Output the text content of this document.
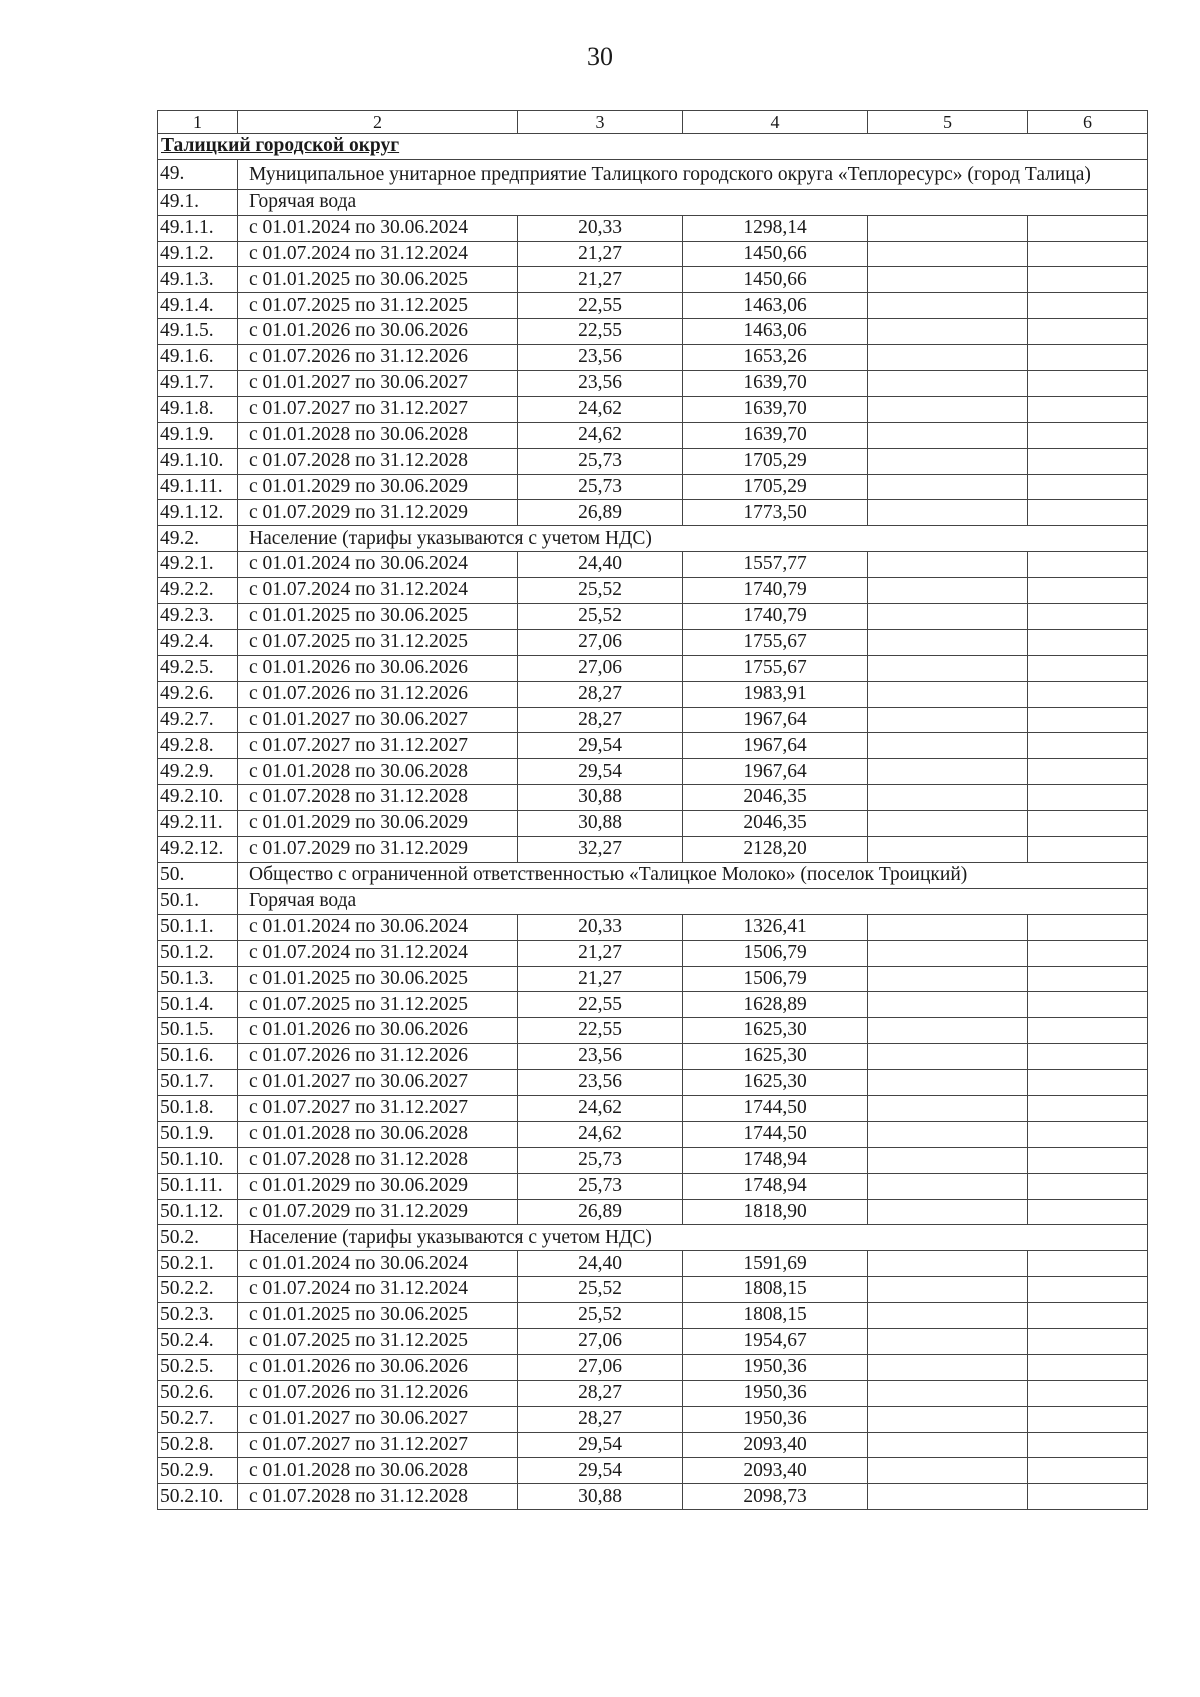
30
1	2	3	4	5	6
Талицкий городской округ					
49.	Муниципальное унитарное предприятие Талицкого городского округа «Теплоресурс» (город Талица)				
49.1.	Горячая вода				
49.1.1.	с 01.01.2024 по 30.06.2024	20,33	1298,14		
49.1.2.	с 01.07.2024 по 31.12.2024	21,27	1450,66		
49.1.3.	с 01.01.2025 по 30.06.2025	21,27	1450,66		
49.1.4.	с 01.07.2025 по 31.12.2025	22,55	1463,06		
49.1.5.	с 01.01.2026 по 30.06.2026	22,55	1463,06		
49.1.6.	с 01.07.2026 по 31.12.2026	23,56	1653,26		
49.1.7.	с 01.01.2027 по 30.06.2027	23,56	1639,70		
49.1.8.	с 01.07.2027 по 31.12.2027	24,62	1639,70		
49.1.9.	с 01.01.2028 по 30.06.2028	24,62	1639,70		
49.1.10.	с 01.07.2028 по 31.12.2028	25,73	1705,29		
49.1.11.	с 01.01.2029 по 30.06.2029	25,73	1705,29		
49.1.12.	с 01.07.2029 по 31.12.2029	26,89	1773,50		
49.2.	Население (тарифы указываются с учетом НДС)				
49.2.1.	с 01.01.2024 по 30.06.2024	24,40	1557,77		
49.2.2.	с 01.07.2024 по 31.12.2024	25,52	1740,79		
49.2.3.	с 01.01.2025 по 30.06.2025	25,52	1740,79		
49.2.4.	с 01.07.2025 по 31.12.2025	27,06	1755,67		
49.2.5.	с 01.01.2026 по 30.06.2026	27,06	1755,67		
49.2.6.	с 01.07.2026 по 31.12.2026	28,27	1983,91		
49.2.7.	с 01.01.2027 по 30.06.2027	28,27	1967,64		
49.2.8.	с 01.07.2027 по 31.12.2027	29,54	1967,64		
49.2.9.	с 01.01.2028 по 30.06.2028	29,54	1967,64		
49.2.10.	с 01.07.2028 по 31.12.2028	30,88	2046,35		
49.2.11.	с 01.01.2029 по 30.06.2029	30,88	2046,35		
49.2.12.	с 01.07.2029 по 31.12.2029	32,27	2128,20		
50.	Общество с ограниченной ответственностью «Талицкое Молоко» (поселок Троицкий)				
50.1.	Горячая вода				
50.1.1.	с 01.01.2024 по 30.06.2024	20,33	1326,41		
50.1.2.	с 01.07.2024 по 31.12.2024	21,27	1506,79		
50.1.3.	с 01.01.2025 по 30.06.2025	21,27	1506,79		
50.1.4.	с 01.07.2025 по 31.12.2025	22,55	1628,89		
50.1.5.	с 01.01.2026 по 30.06.2026	22,55	1625,30		
50.1.6.	с 01.07.2026 по 31.12.2026	23,56	1625,30		
50.1.7.	с 01.01.2027 по 30.06.2027	23,56	1625,30		
50.1.8.	с 01.07.2027 по 31.12.2027	24,62	1744,50		
50.1.9.	с 01.01.2028 по 30.06.2028	24,62	1744,50		
50.1.10.	с 01.07.2028 по 31.12.2028	25,73	1748,94		
50.1.11.	с 01.01.2029 по 30.06.2029	25,73	1748,94		
50.1.12.	с 01.07.2029 по 31.12.2029	26,89	1818,90		
50.2.	Население (тарифы указываются с учетом НДС)				
50.2.1.	с 01.01.2024 по 30.06.2024	24,40	1591,69		
50.2.2.	с 01.07.2024 по 31.12.2024	25,52	1808,15		
50.2.3.	с 01.01.2025 по 30.06.2025	25,52	1808,15		
50.2.4.	с 01.07.2025 по 31.12.2025	27,06	1954,67		
50.2.5.	с 01.01.2026 по 30.06.2026	27,06	1950,36		
50.2.6.	с 01.07.2026 по 31.12.2026	28,27	1950,36		
50.2.7.	с 01.01.2027 по 30.06.2027	28,27	1950,36		
50.2.8.	с 01.07.2027 по 31.12.2027	29,54	2093,40		
50.2.9.	с 01.01.2028 по 30.06.2028	29,54	2093,40		
50.2.10.	с 01.07.2028 по 31.12.2028	30,88	2098,73		
